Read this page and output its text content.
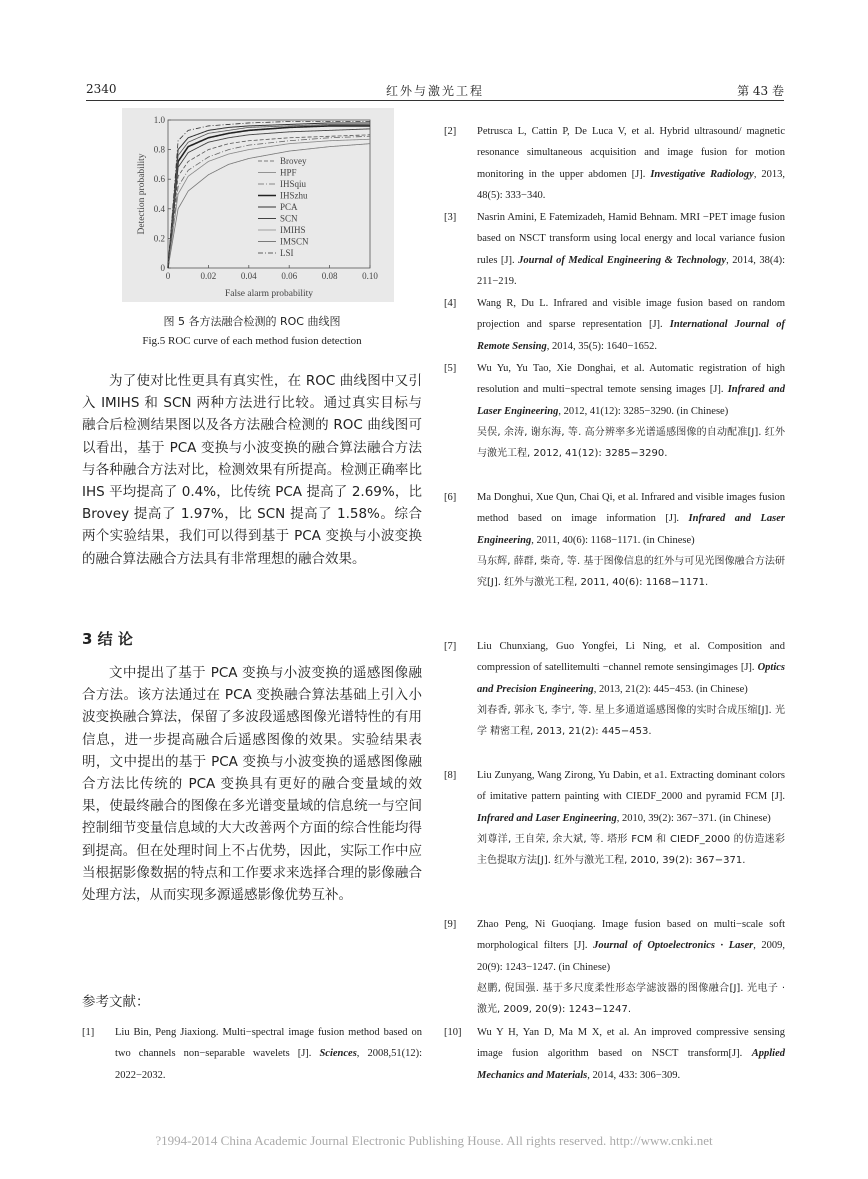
2340	红外与激光工程	第 43 卷
0	0.02	0.04	0.06	0.08	0.10
0
0.2
0.4
0.6
0.8
1.0
False alarm probability
Detection probability	Brovey
HPF
IHSqiu
IHSzhu
PCA
SCN
IMIHS
IMSCN
LSI
图 5 各方法融合检测的 ROC 曲线图
Fig.5 ROC curve of each method fusion detection

为了使对比性更具有真实性，在 ROC 曲线图中又引入 IMIHS 和 SCN 两种方法进行比较。通过真实目标与融合后检测结果图以及各方法融合检测的 ROC 曲线图可以看出，基于 PCA 变换与小波变换的融合算法融合方法与各种融合方法对比，检测效果有所提高。检测正确率比 IHS 平均提高了 0.4%，比传统 PCA 提高了 2.69%，比 Brovey 提高了 1.97%，比 SCN 提高了 1.58%。综合两个实验结果，我们可以得到基于 PCA 变换与小波变换的融合算法融合方法具有非常理想的融合效果。

3 结 论

文中提出了基于 PCA 变换与小波变换的遥感图像融合方法。该方法通过在 PCA 变换融合算法基础上引入小波变换融合算法，保留了多波段遥感图像光谱特性的有用信息，进一步提高融合后遥感图像的效果。实验结果表明，文中提出的基于 PCA 变换与小波变换的遥感图像融合方法比传统的 PCA 变换具有更好的融合变量域的效果，使最终融合的图像在多光谱变量域的信息统一与空间控制细节变量信息域的大大改善两个方面的综合性能均得到提高。但在处理时间上不占优势，因此，实际工作中应当根据影像数据的特点和工作要求来选择合理的影像融合处理方法，从而实现多源遥感影像优势互补。

参考文献：
[1] Liu Bin, Peng Jiaxiong. Multi−spectral image fusion method based on two channels non−separable wavelets [J]. Sciences, 2008,51(12): 2022−2032.
[2] Petrusca L, Cattin P, De Luca V, et al. Hybrid ultrasound/ magnetic resonance simultaneous acquisition and image fusion for motion monitoring in the upper abdomen [J]. Investigative Radiology, 2013, 48(5): 333−340.
[3] Nasrin Amini, E Fatemizadeh, Hamid Behnam. MRI −PET image fusion based on NSCT transform using local energy and local variance fusion rules [J]. Journal of Medical Engineering & Technology, 2014, 38(4): 211−219.
[4] Wang R, Du L. Infrared and visible image fusion based on random projection and sparse representation [J]. International Journal of Remote Sensing, 2014, 35(5): 1640−1652.
[5] Wu Yu, Yu Tao, Xie Donghai, et al. Automatic registration of high resolution and multi−spectral temote sensing images [J]. Infrared and Laser Engineering, 2012, 41(12): 3285−3290. (in Chinese)
吴俣, 余涛, 谢东海, 等. 高分辨率多光谱遥感图像的自动配准[J]. 红外与激光工程, 2012, 41(12): 3285−3290.
[6] Ma Donghui, Xue Qun, Chai Qi, et al. Infrared and visible images fusion method based on image information [J]. Infrared and Laser Engineering, 2011, 40(6): 1168−1171. (in Chinese)
马东辉, 薛群, 柴奇, 等. 基于图像信息的红外与可见光图像融合方法研究[J]. 红外与激光工程, 2011, 40(6): 1168−1171.
[7] Liu Chunxiang, Guo Yongfei, Li Ning, et al. Composition and compression of satellitemulti −channel remote sensingimages [J]. Optics and Precision Engineering, 2013, 21(2): 445−453. (in Chinese)
刘春香, 郭永飞, 李宁, 等. 星上多通道遥感图像的实时合成压缩[J]. 光学 精密工程, 2013, 21(2): 445−453.
[8] Liu Zunyang, Wang Zirong, Yu Dabin, et a1. Extracting dominant colors of imitative pattern painting with CIEDF_2000 and pyramid FCM [J]. Infrared and Laser Engineering, 2010, 39(2): 367−371. (in Chinese)
刘尊洋, 王自荣, 余大斌, 等. 塔形 FCM 和 CIEDF_2000 的仿造迷彩主色提取方法[J]. 红外与激光工程, 2010, 39(2): 367−371.
[9] Zhao Peng, Ni Guoqiang. Image fusion based on multi−scale soft morphological filters [J]. Journal of Optoelectronics · Laser, 2009, 20(9): 1243−1247. (in Chinese)
赵鹏, 倪国强. 基于多尺度柔性形态学滤波器的图像融合[J]. 光电子 · 激光, 2009, 20(9): 1243−1247.
[10] Wu Y H, Yan D, Ma M X, et al. An improved compressive sensing image fusion algorithm based on NSCT transform[J]. Applied Mechanics and Materials, 2014, 433: 306−309.
?1994-2014 China Academic Journal Electronic Publishing House. All rights reserved. http://www.cnki.net
